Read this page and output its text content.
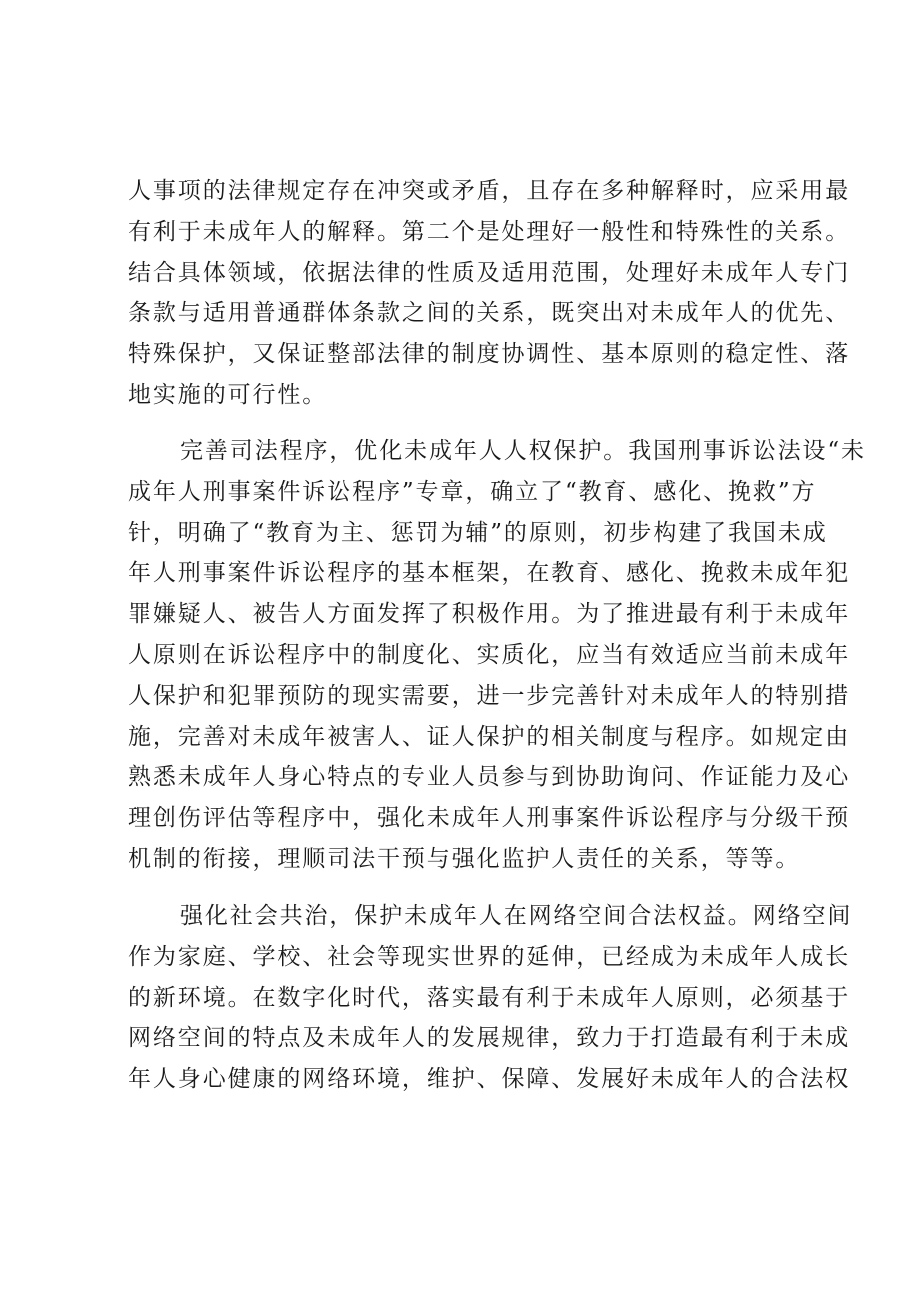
人事项的法律规定存在冲突或矛盾，且存在多种解释时，应采用最
有利于未成年人的解释。第二个是处理好一般性和特殊性的关系。
结合具体领域，依据法律的性质及适用范围，处理好未成年人专门
条款与适用普通群体条款之间的关系，既突出对未成年人的优先、
特殊保护，又保证整部法律的制度协调性、基本原则的稳定性、落
地实施的可行性。
完善司法程序，优化未成年人人权保护。我国刑事诉讼法设“未
成年人刑事案件诉讼程序”专章，确立了“教育、感化、挽救”方
针，明确了“教育为主、惩罚为辅”的原则，初步构建了我国未成
年人刑事案件诉讼程序的基本框架，在教育、感化、挽救未成年犯
罪嫌疑人、被告人方面发挥了积极作用。为了推进最有利于未成年
人原则在诉讼程序中的制度化、实质化，应当有效适应当前未成年
人保护和犯罪预防的现实需要，进一步完善针对未成年人的特别措
施，完善对未成年被害人、证人保护的相关制度与程序。如规定由
熟悉未成年人身心特点的专业人员参与到协助询问、作证能力及心
理创伤评估等程序中，强化未成年人刑事案件诉讼程序与分级干预
机制的衔接，理顺司法干预与强化监护人责任的关系，等等。
强化社会共治，保护未成年人在网络空间合法权益。网络空间
作为家庭、学校、社会等现实世界的延伸，已经成为未成年人成长
的新环境。在数字化时代，落实最有利于未成年人原则，必须基于
网络空间的特点及未成年人的发展规律，致力于打造最有利于未成
年人身心健康的网络环境，维护、保障、发展好未成年人的合法权
